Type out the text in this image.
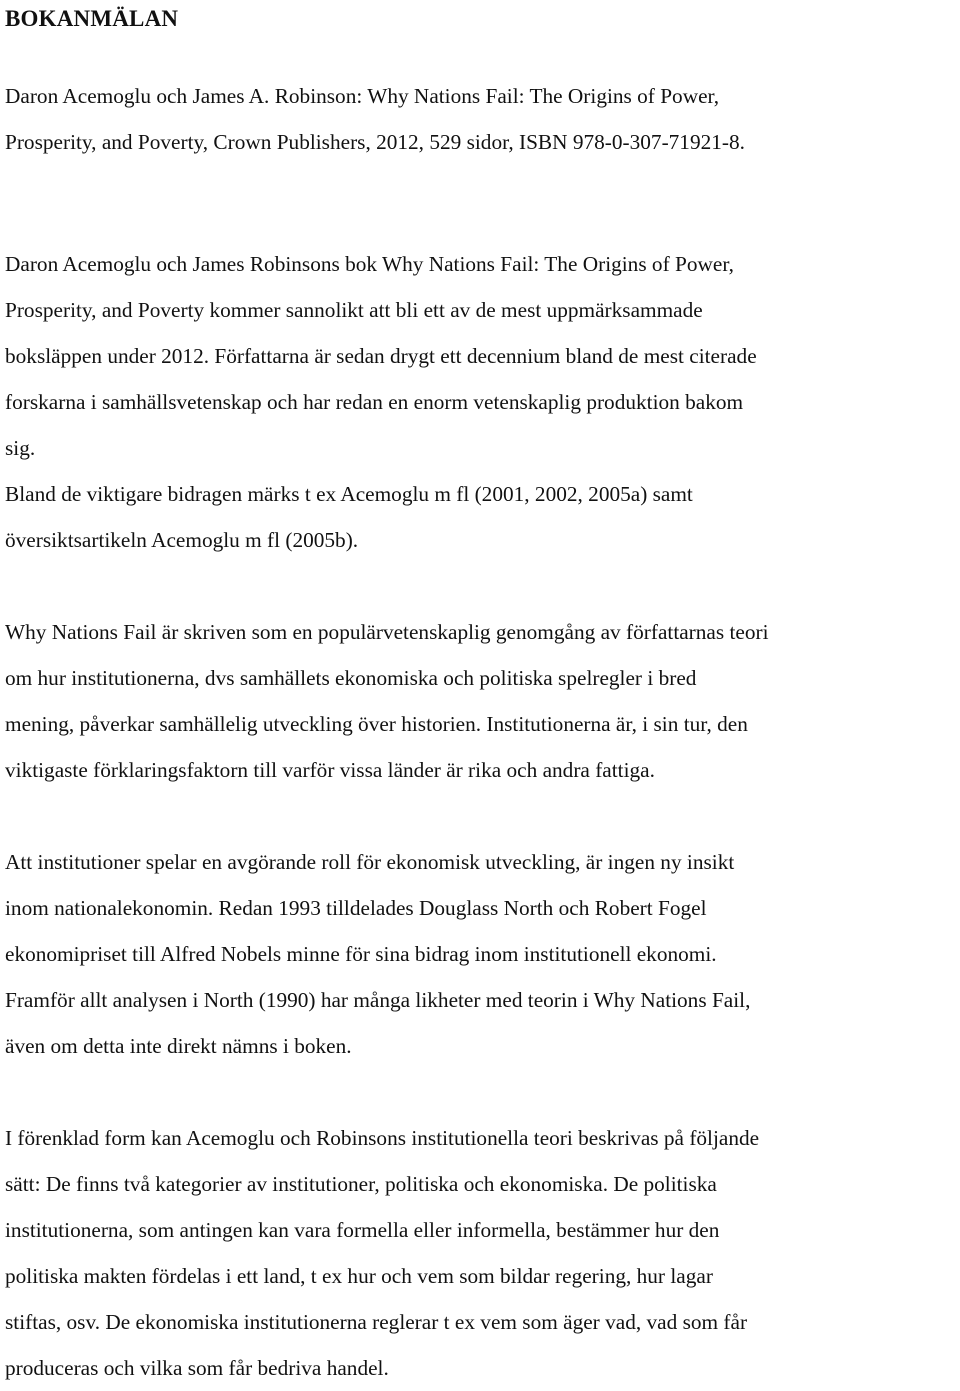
BOKANMÄLAN

Daron Acemoglu och James A. Robinson: Why Nations Fail: The Origins of Power,
Prosperity, and Poverty, Crown Publishers, 2012, 529 sidor, ISBN 978-0-307-71921-8.

Daron Acemoglu och James Robinsons bok Why Nations Fail: The Origins of Power,
Prosperity, and Poverty kommer sannolikt att bli ett av de mest uppmärksammade
boksläppen under 2012. Författarna är sedan drygt ett decennium bland de mest citerade
forskarna i samhällsvetenskap och har redan en enorm vetenskaplig produktion bakom
sig.
Bland de viktigare bidragen märks t ex Acemoglu m fl (2001, 2002, 2005a) samt
översiktsartikeln Acemoglu m fl (2005b).

Why Nations Fail är skriven som en populärvetenskaplig genomgång av författarnas teori
om hur institutionerna, dvs samhällets ekonomiska och politiska spelregler i bred
mening, påverkar samhällelig utveckling över historien. Institutionerna är, i sin tur, den
viktigaste förklaringsfaktorn till varför vissa länder är rika och andra fattiga.

Att institutioner spelar en avgörande roll för ekonomisk utveckling, är ingen ny insikt
inom nationalekonomin. Redan 1993 tilldelades Douglass North och Robert Fogel
ekonomipriset till Alfred Nobels minne för sina bidrag inom institutionell ekonomi.
Framför allt analysen i North (1990) har många likheter med teorin i Why Nations Fail,
även om detta inte direkt nämns i boken.

I förenklad form kan Acemoglu och Robinsons institutionella teori beskrivas på följande
sätt: De finns två kategorier av institutioner, politiska och ekonomiska. De politiska
institutionerna, som antingen kan vara formella eller informella, bestämmer hur den
politiska makten fördelas i ett land, t ex hur och vem som bildar regering, hur lagar
stiftas, osv. De ekonomiska institutionerna reglerar t ex vem som äger vad, vad som får
produceras och vilka som får bedriva handel.
